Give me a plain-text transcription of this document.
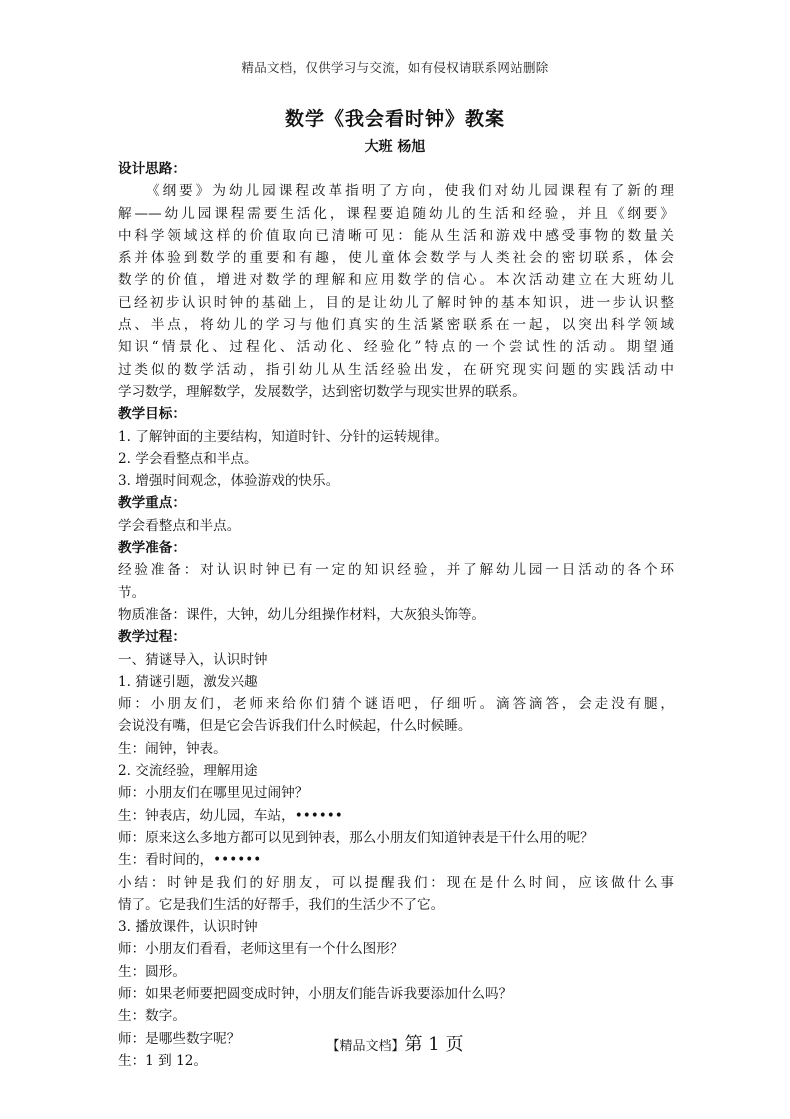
精品文档，仅供学习与交流，如有侵权请联系网站删除
数学《我会看时钟》教案
大班 杨旭
设计思路：
《纲要》为幼儿园课程改革指明了方向，使我们对幼儿园课程有了新的理
解——幼儿园课程需要生活化，课程要追随幼儿的生活和经验，并且《纲要》
中科学领域这样的价值取向已清晰可见：能从生活和游戏中感受事物的数量关
系并体验到数学的重要和有趣，使儿童体会数学与人类社会的密切联系，体会
数学的价值，增进对数学的理解和应用数学的信心。本次活动建立在大班幼儿
已经初步认识时钟的基础上，目的是让幼儿了解时钟的基本知识，进一步认识整
点、半点，将幼儿的学习与他们真实的生活紧密联系在一起，以突出科学领域
知识“情景化、过程化、活动化、经验化”特点的一个尝试性的活动。期望通
过类似的数学活动，指引幼儿从生活经验出发，在研究现实问题的实践活动中
学习数学，理解数学，发展数学，达到密切数学与现实世界的联系。
教学目标：
1. 了解钟面的主要结构，知道时针、分针的运转规律。
2. 学会看整点和半点。
3. 增强时间观念，体验游戏的快乐。
教学重点：
学会看整点和半点。
教学准备：
经验准备：对认识时钟已有一定的知识经验，并了解幼儿园一日活动的各个环
节。
物质准备：课件，大钟，幼儿分组操作材料，大灰狼头饰等。
教学过程：
一、猜谜导入，认识时钟
1. 猜谜引题，激发兴趣
师：小朋友们，老师来给你们猜个谜语吧，仔细听。滴答滴答，会走没有腿，
会说没有嘴，但是它会告诉我们什么时候起，什么时候睡。
生：闹钟，钟表。
2. 交流经验，理解用途
师：小朋友们在哪里见过闹钟？
生：钟表店，幼儿园，车站，••••••
师：原来这么多地方都可以见到钟表，那么小朋友们知道钟表是干什么用的呢？
生：看时间的，••••••
小结：时钟是我们的好朋友，可以提醒我们：现在是什么时间，应该做什么事
情了。它是我们生活的好帮手，我们的生活少不了它。
3. 播放课件，认识时钟
师：小朋友们看看，老师这里有一个什么图形？
生：圆形。
师：如果老师要把圆变成时钟，小朋友们能告诉我要添加什么吗？
生：数字。
师：是哪些数字呢？
生：1 到 12。
【精品文档】第 1 页
